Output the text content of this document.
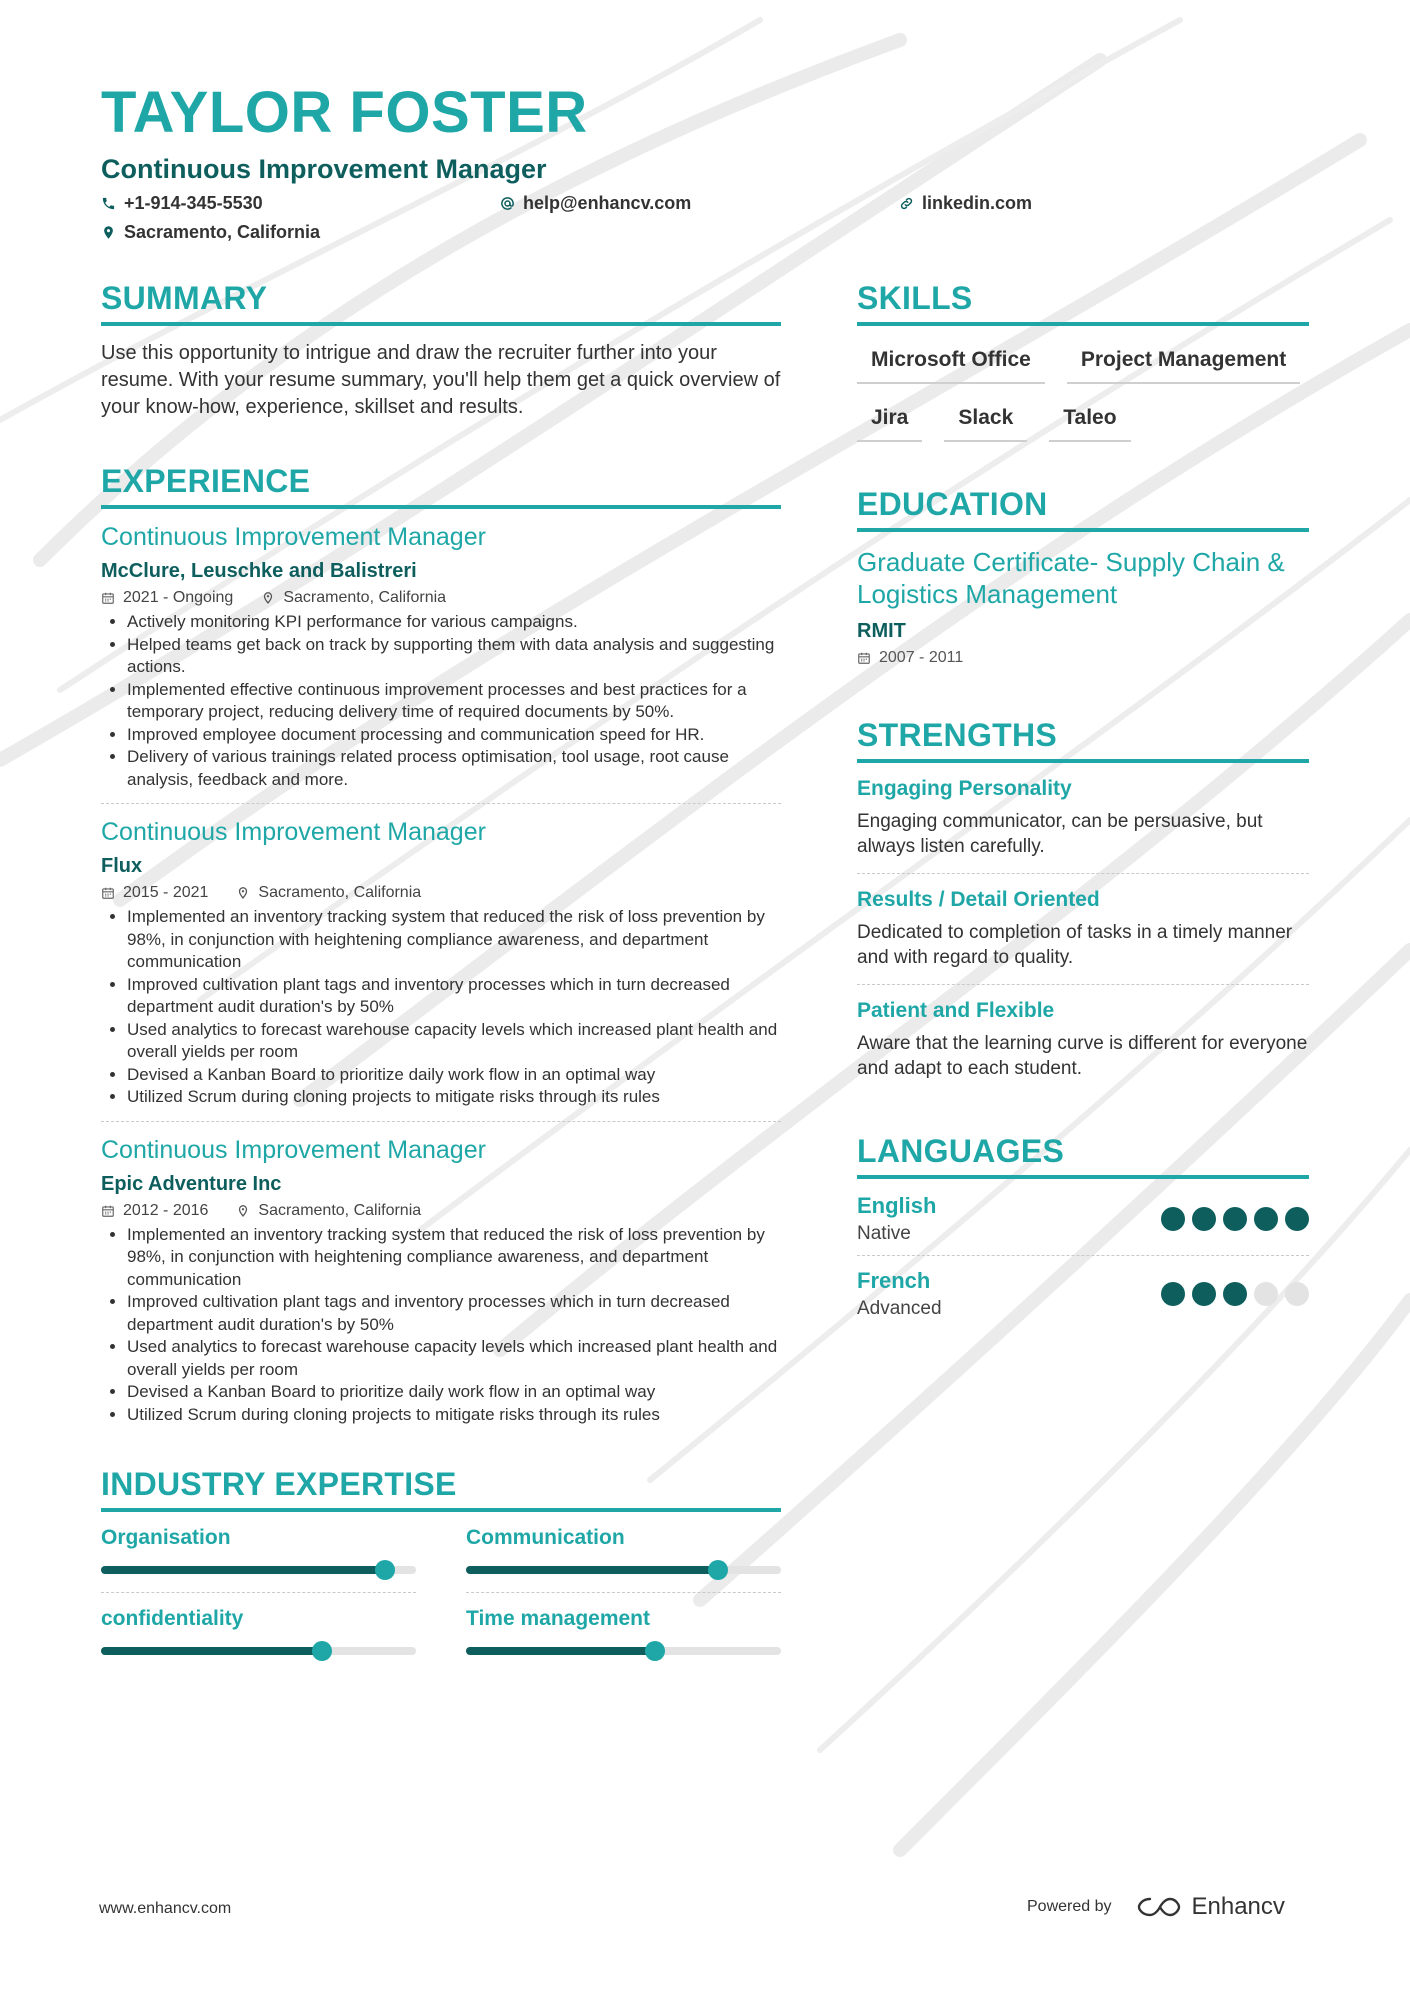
TAYLOR FOSTER
Continuous Improvement Manager
+1-914-345-5530	help@enhancv.com	linkedin.com
Sacramento, California
SUMMARY

Use this opportunity to intrigue and draw the recruiter further into your resume. With your resume summary, you'll help them get a quick overview of your know-how, experience, skillset and results.

EXPERIENCE
Continuous Improvement Manager
McClure, Leuschke and Balistreri
2021 - Ongoing	Sacramento, California
• Actively monitoring KPI performance for various campaigns.
• Helped teams get back on track by supporting them with data analysis and suggesting actions.
• Implemented effective continuous improvement processes and best practices for a temporary project, reducing delivery time of required documents by 50%.
• Improved employee document processing and communication speed for HR.
• Delivery of various trainings related process optimisation, tool usage, root cause analysis, feedback and more.
Continuous Improvement Manager
Flux
2015 - 2021	Sacramento, California
• Implemented an inventory tracking system that reduced the risk of loss prevention by 98%, in conjunction with heightening compliance awareness, and department communication
• Improved cultivation plant tags and inventory processes which in turn decreased department audit duration's by 50%
• Used analytics to forecast warehouse capacity levels which increased plant health and overall yields per room
• Devised a Kanban Board to prioritize daily work flow in an optimal way
• Utilized Scrum during cloning projects to mitigate risks through its rules
Continuous Improvement Manager
Epic Adventure Inc
2012 - 2016	Sacramento, California
• Implemented an inventory tracking system that reduced the risk of loss prevention by 98%, in conjunction with heightening compliance awareness, and department communication
• Improved cultivation plant tags and inventory processes which in turn decreased department audit duration's by 50%
• Used analytics to forecast warehouse capacity levels which increased plant health and overall yields per room
• Devised a Kanban Board to prioritize daily work flow in an optimal way
• Utilized Scrum during cloning projects to mitigate risks through its rules
INDUSTRY EXPERTISE
Organisation	Communication
confidentiality	Time management
SKILLS
Microsoft Office	Project Management
Jira	Slack	Taleo
EDUCATION
Graduate Certificate- Supply Chain & Logistics Management
RMIT
2007 - 2011
STRENGTHS
Engaging Personality
Engaging communicator, can be persuasive, but always listen carefully.
Results / Detail Oriented
Dedicated to completion of tasks in a timely manner and with regard to quality.
Patient and Flexible
Aware that the learning curve is different for everyone and adapt to each student.
LANGUAGES
English
Native
French
Advanced
www.enhancv.com	Powered by	Enhancv
